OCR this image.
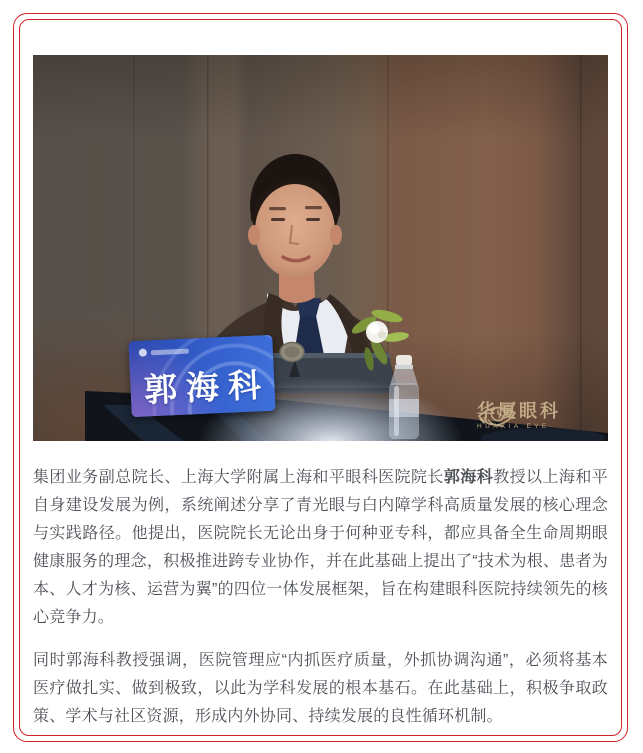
郭海科
华厦眼科
HUAXIA EYE

集团业务副总院长、上海大学附属上海和平眼科医院院长郭海科教授以上海和平自身建设发展为例，系统阐述分享了青光眼与白内障学科高质量发展的核心理念与实践路径。他提出，医院院长无论出身于何种亚专科，都应具备全生命周期眼健康服务的理念，积极推进跨专业协作，并在此基础上提出了“技术为根、患者为本、人才为核、运营为翼”的四位一体发展框架，旨在构建眼科医院持续领先的核心竞争力。

同时郭海科教授强调，医院管理应“内抓医疗质量，外抓协调沟通”，必须将基本医疗做扎实、做到极致，以此为学科发展的根本基石。在此基础上，积极争取政策、学术与社区资源，形成内外协同、持续发展的良性循环机制。
